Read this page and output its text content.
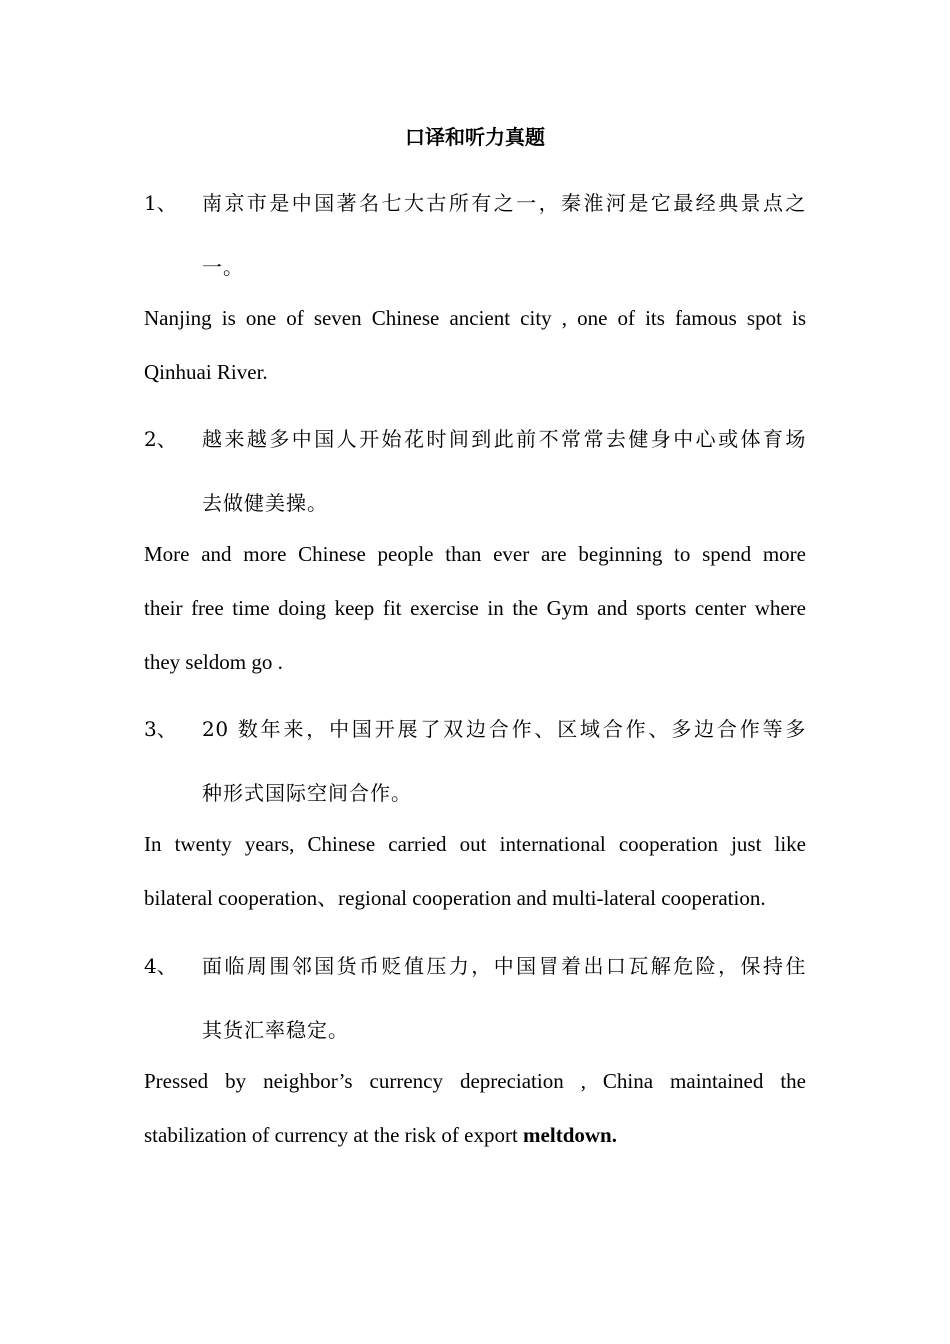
口译和听力真题
1、 南京市是中国著名七大古所有之一，秦淮河是它最经典景点之
一。
Nanjing is one of seven Chinese ancient city , one of its famous spot is
Qinhuai River.
2、 越来越多中国人开始花时间到此前不常常去健身中心或体育场
去做健美操。
More and more Chinese people than ever are beginning to spend more
their free time doing keep fit exercise in the Gym and sports center where
they seldom go .
3、 20 数年来，中国开展了双边合作、区域合作、多边合作等多
种形式国际空间合作。
In twenty years, Chinese carried out international cooperation just like
bilateral cooperation、regional cooperation and multi-lateral cooperation.
4、 面临周围邻国货币贬值压力，中国冒着出口瓦解危险，保持住
其货汇率稳定。
Pressed by neighbor’s currency depreciation , China maintained the
stabilization of currency at the risk of export meltdown.
